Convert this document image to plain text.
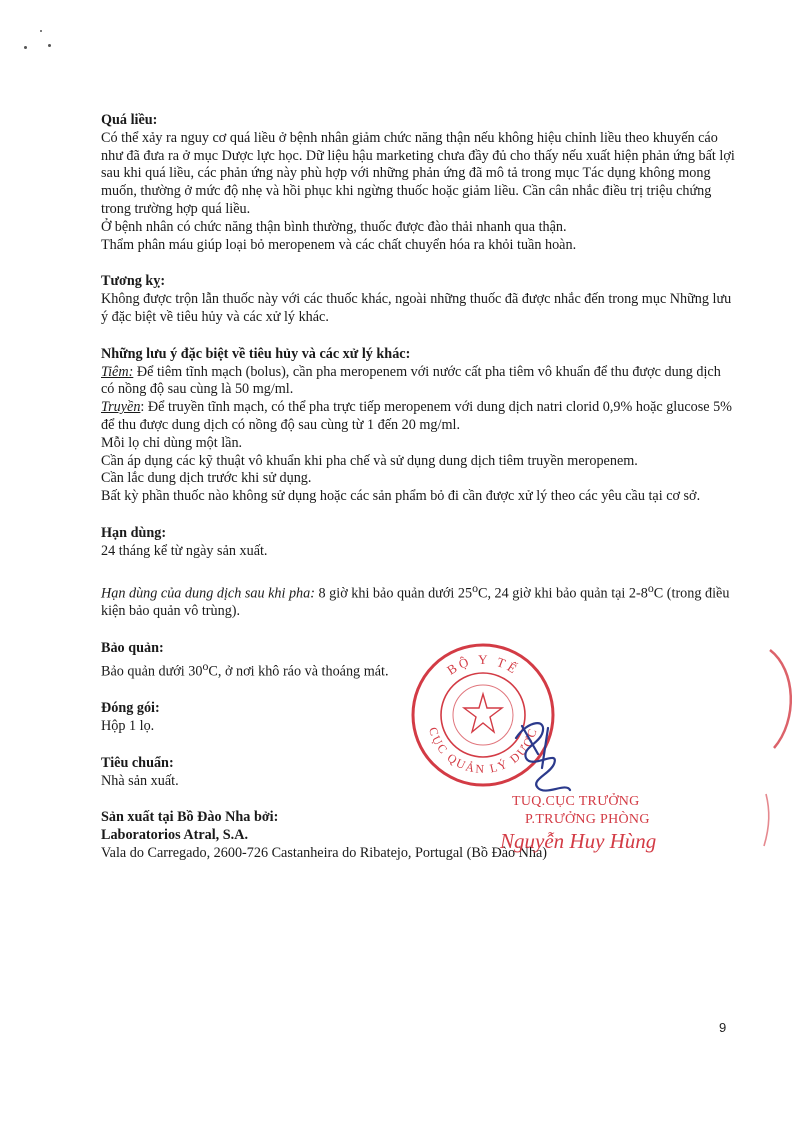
Quá liều:

Có thể xảy ra nguy cơ quá liều ở bệnh nhân giảm chức năng thận nếu không hiệu chỉnh liều theo khuyến cáo như đã đưa ra ở mục Dược lực học. Dữ liệu hậu marketing chưa đầy đủ cho thấy nếu xuất hiện phản ứng bất lợi sau khi quá liều, các phản ứng này phù hợp với những phản ứng đã mô tả trong mục Tác dụng không mong muốn, thường ở mức độ nhẹ và hồi phục khi ngừng thuốc hoặc giảm liều. Cần cân nhắc điều trị triệu chứng trong trường hợp quá liều.

Ở bệnh nhân có chức năng thận bình thường, thuốc được đào thải nhanh qua thận.

Thẩm phân máu giúp loại bỏ meropenem và các chất chuyển hóa ra khỏi tuần hoàn.

Tương kỵ:

Không được trộn lẫn thuốc này với các thuốc khác, ngoài những thuốc đã được nhắc đến trong mục Những lưu ý đặc biệt về tiêu hủy và các xử lý khác.

Những lưu ý đặc biệt về tiêu hủy và các xử lý khác:

Tiêm: Để tiêm tĩnh mạch (bolus), cần pha meropenem với nước cất pha tiêm vô khuẩn để thu được dung dịch có nồng độ sau cùng là 50 mg/ml.

Truyền: Để truyền tĩnh mạch, có thể pha trực tiếp meropenem với dung dịch natri clorid 0,9% hoặc glucose 5% để thu được dung dịch có nồng độ sau cùng từ 1 đến 20 mg/ml.

Mỗi lọ chỉ dùng một lần.

Cần áp dụng các kỹ thuật vô khuẩn khi pha chế và sử dụng dung dịch tiêm truyền meropenem.

Cần lắc dung dịch trước khi sử dụng.

Bất kỳ phần thuốc nào không sử dụng hoặc các sản phẩm bỏ đi cần được xử lý theo các yêu cầu tại cơ sở.

Hạn dùng:

24 tháng kể từ ngày sản xuất.

Hạn dùng của dung dịch sau khi pha: 8 giờ khi bảo quản dưới 25$^o$C, 24 giờ khi bảo quản tại 2-8$^o$C (trong điều kiện bảo quản vô trùng).

Bảo quản:

Bảo quản dưới 30$^o$C, ở nơi khô ráo và thoáng mát.

Đóng gói:

Hộp 1 lọ.

Tiêu chuẩn:

Nhà sản xuất.

Sản xuất tại Bồ Đào Nha bởi:

Laboratorios Atral, S.A.

Vala do Carregado, 2600-726 Castanheira do Ribatejo, Portugal (Bồ Đào Nha)

BỘ Y TẾ
CỤC QUẢN LÝ DƯỢC
TUQ.CỤC TRƯỞNG
P.TRƯỞNG PHÒNG
Nguyễn Huy Hùng
9
